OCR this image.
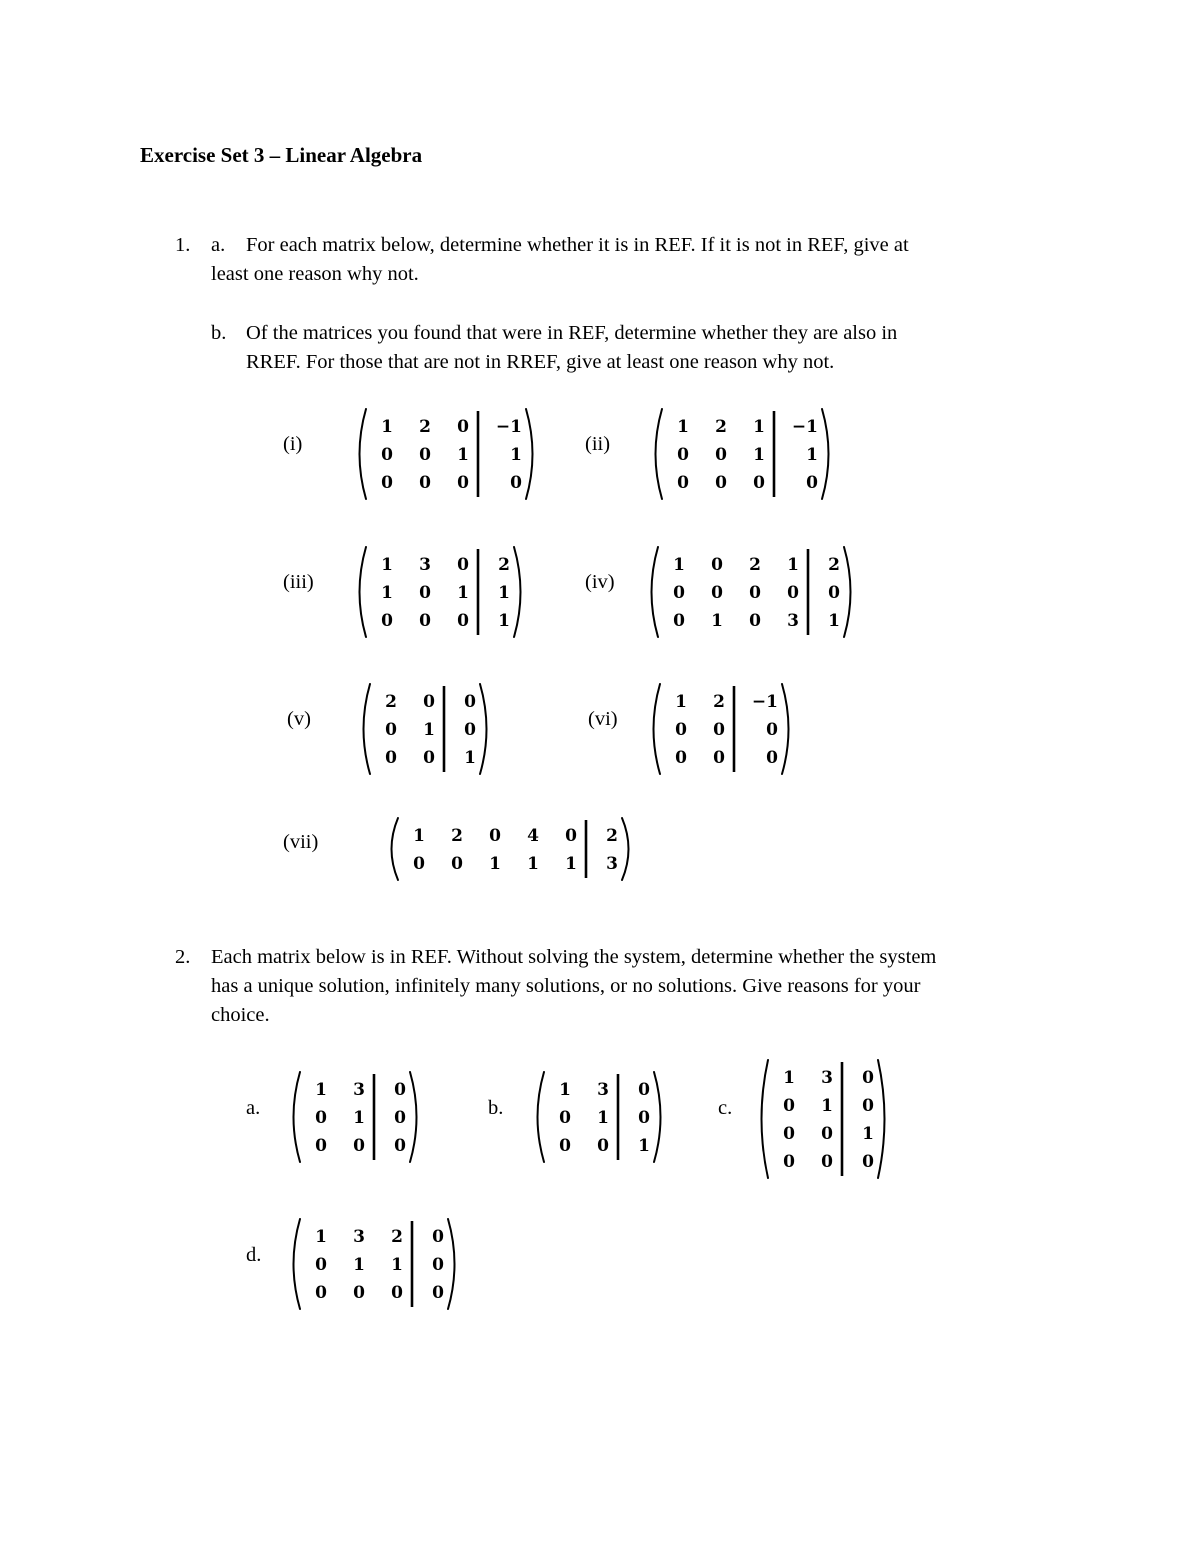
Exercise Set 3 – Linear Algebra
1. a. For each matrix below, determine whether it is in REF. If it is not in REF, give at
least one reason why not.
b. Of the matrices you found that were in REF, determine whether they are also in
RREF. For those that are not in RREF, give at least one reason why not.
(i)
1 2 0 −1
0 0 1 1
0 0 0 0
(ii)
1 2 1 −1
0 0 1 1
0 0 0 0
(iii)
1 3 0 2
1 0 1 1
0 0 0 1
(iv)
1 0 2 1 2
0 0 0 0 0
0 1 0 3 1
(v)
2 0 0
0 1 0
0 0 1
(vi)
1 2 −1
0 0 0
0 0 0
(vii)	1 2 0 4 0 2
0 0 1 1 1 3
2. Each matrix below is in REF. Without solving the system, determine whether the system
has a unique solution, infinitely many solutions, or no solutions. Give reasons for your
choice.
a.
1 3 0
0 1 0
0 0 0
b.
1 3 0
0 1 0
0 0 1
c.
1 3 0
0 1 0
0 0 1
0 0 0
d.
1 3 2 0
0 1 1 0
0 0 0 0
